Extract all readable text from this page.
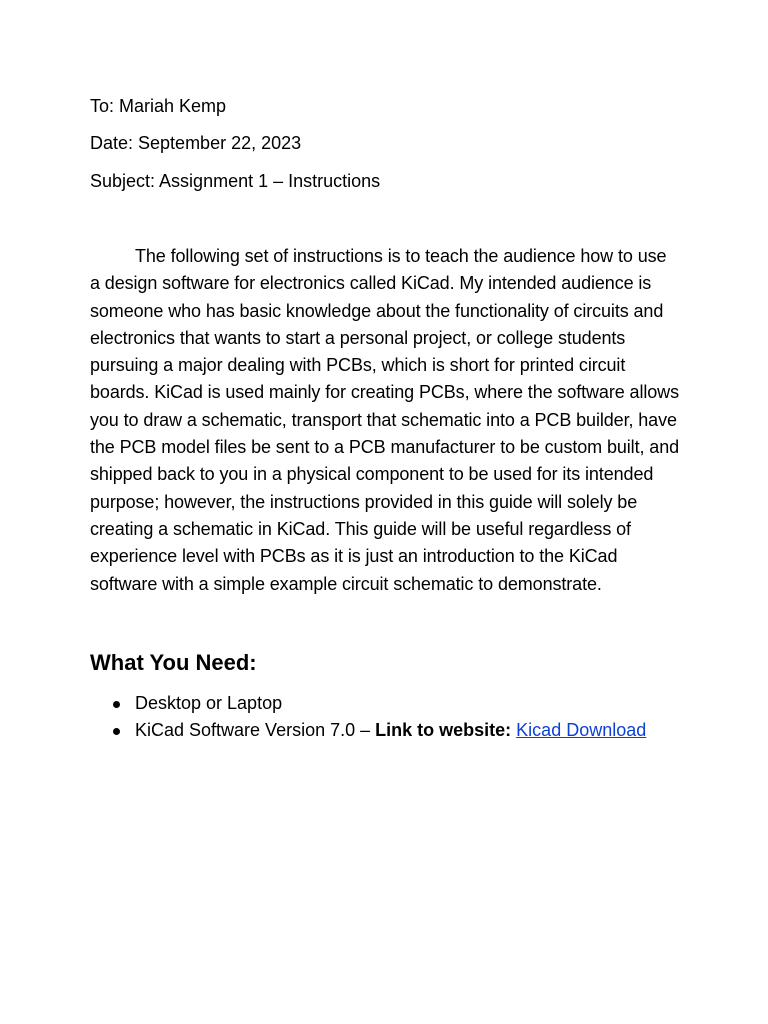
To: Mariah Kemp

Date: September 22, 2023

Subject: Assignment 1 – Instructions

The following set of instructions is to teach the audience how to use a design software for electronics called KiCad. My intended audience is someone who has basic knowledge about the functionality of circuits and electronics that wants to start a personal project, or college students pursuing a major dealing with PCBs, which is short for printed circuit boards. KiCad is used mainly for creating PCBs, where the software allows you to draw a schematic, transport that schematic into a PCB builder, have the PCB model files be sent to a PCB manufacturer to be custom built, and shipped back to you in a physical component to be used for its intended purpose; however, the instructions provided in this guide will solely be creating a schematic in KiCad. This guide will be useful regardless of experience level with PCBs as it is just an introduction to the KiCad software with a simple example circuit schematic to demonstrate.

What You Need:
Desktop or Laptop
KiCad Software Version 7.0 – Link to website: Kicad Download
